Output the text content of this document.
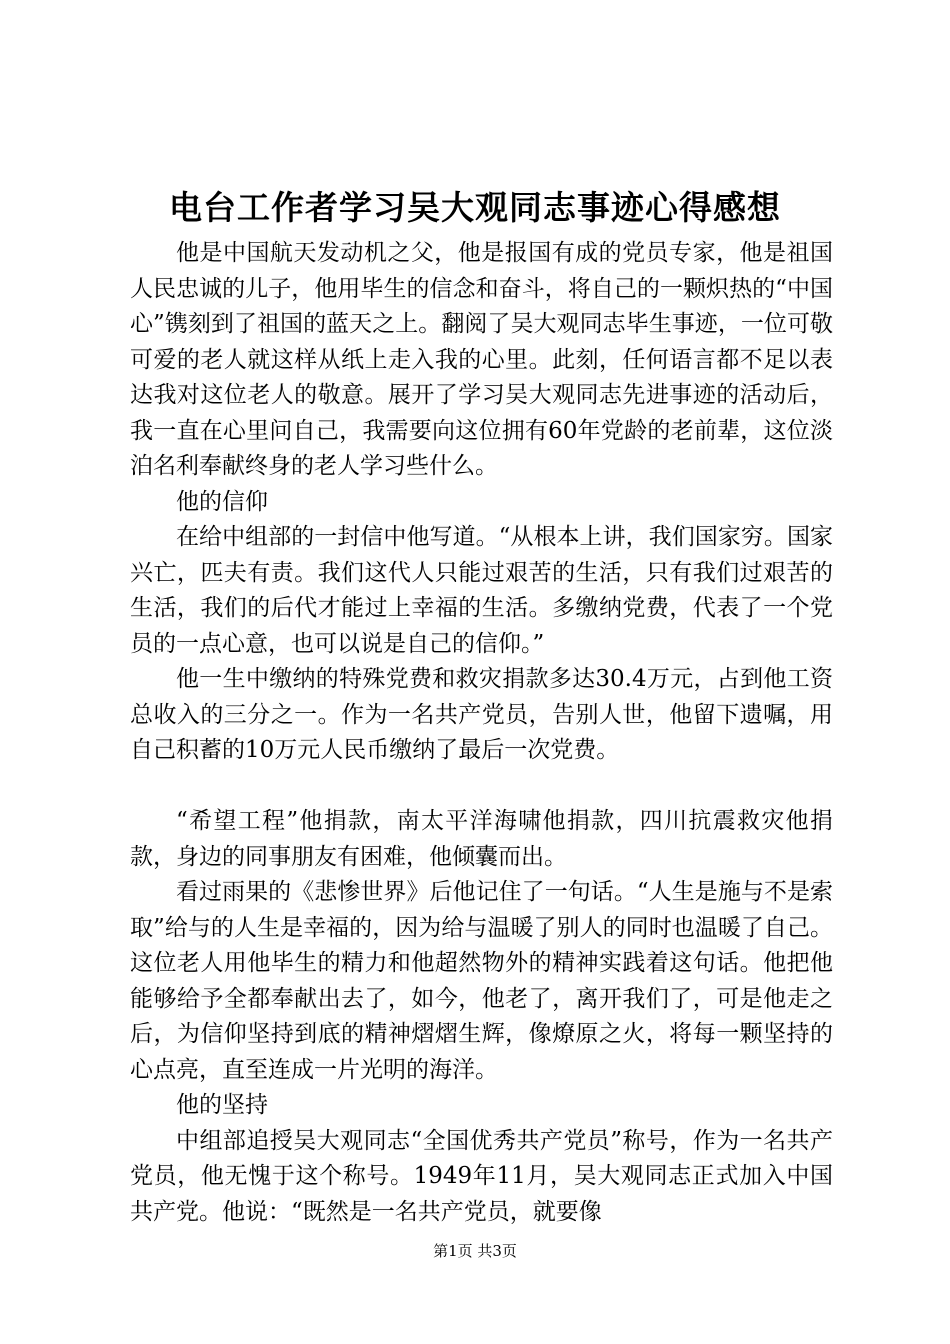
电台工作者学习吴大观同志事迹心得感想

他是中国航天发动机之父，他是报国有成的党员专家，他是祖国人民忠诚的儿子，他用毕生的信念和奋斗，将自己的一颗炽热的“中国心”镌刻到了祖国的蓝天之上。翻阅了吴大观同志毕生事迹，一位可敬可爱的老人就这样从纸上走入我的心里。此刻，任何语言都不足以表达我对这位老人的敬意。展开了学习吴大观同志先进事迹的活动后，我一直在心里问自己，我需要向这位拥有60年党龄的老前辈，这位淡泊名利奉献终身的老人学习些什么。

他的信仰

在给中组部的一封信中他写道。“从根本上讲，我们国家穷。国家兴亡，匹夫有责。我们这代人只能过艰苦的生活，只有我们过艰苦的生活，我们的后代才能过上幸福的生活。多缴纳党费，代表了一个党员的一点心意，也可以说是自己的信仰。”

他一生中缴纳的特殊党费和救灾捐款多达30.4万元，占到他工资总收入的三分之一。作为一名共产党员，告别人世，他留下遗嘱，用自己积蓄的10万元人民币缴纳了最后一次党费。

“希望工程”他捐款，南太平洋海啸他捐款，四川抗震救灾他捐款，身边的同事朋友有困难，他倾囊而出。

看过雨果的《悲惨世界》后他记住了一句话。“人生是施与不是索取”给与的人生是幸福的，因为给与温暖了别人的同时也温暖了自己。这位老人用他毕生的精力和他超然物外的精神实践着这句话。他把他能够给予全都奉献出去了，如今，他老了，离开我们了，可是他走之后，为信仰坚持到底的精神熠熠生辉，像燎原之火，将每一颗坚持的心点亮，直至连成一片光明的海洋。

他的坚持

中组部追授吴大观同志“全国优秀共产党员”称号，作为一名共产党员，他无愧于这个称号。1949年11月，吴大观同志正式加入中国共产党。他说：“既然是一名共产党员，就要像

第1页 共3页
